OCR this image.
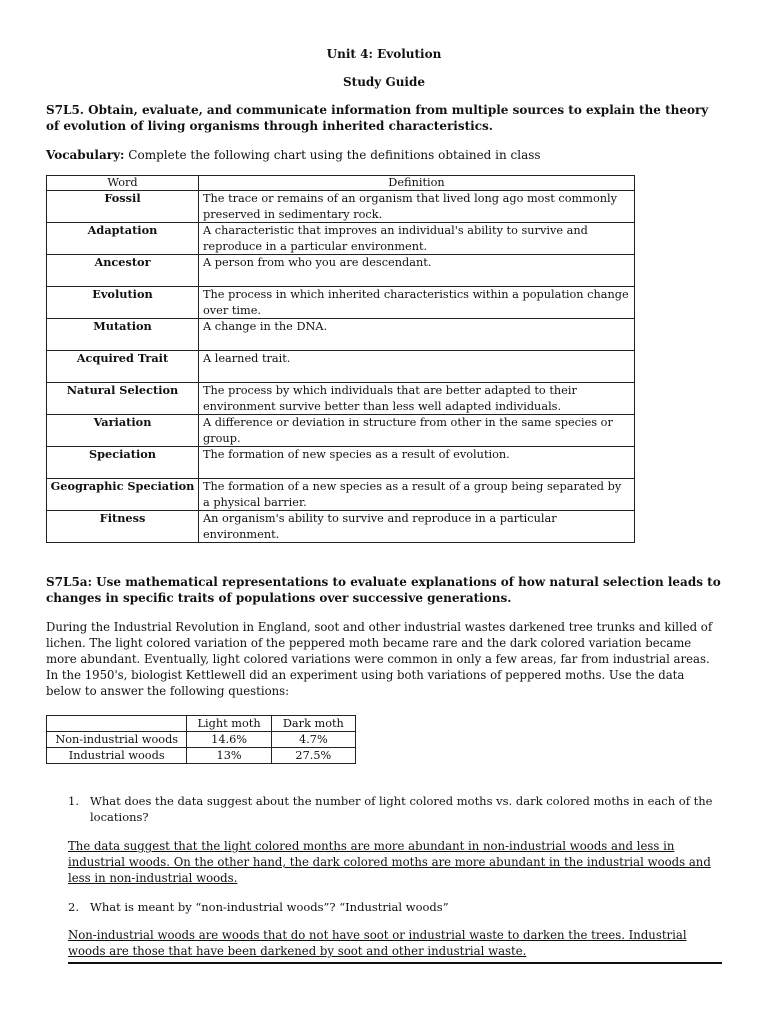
Unit 4: Evolution
Study Guide
S7L5. Obtain, evaluate, and communicate information from multiple sources to explain the theory of evolution of living organisms through inherited characteristics.
Vocabulary: Complete the following chart using the definitions obtained in class
Word	Definition
Fossil	The trace or remains of an organism that lived long ago most commonly preserved in sedimentary rock.
Adaptation	A characteristic that improves an individual's ability to survive and reproduce in a particular environment.
Ancestor	A person from who you are descendant.
Evolution	The process in which inherited characteristics within a population change over time.
Mutation	A change in the DNA.
Acquired Trait	A learned trait.
Natural Selection	The process by which individuals that are better adapted to their environment survive better than less well adapted individuals.
Variation	A difference or deviation in structure from other in the same species or group.
Speciation	The formation of new species as a result of evolution.
Geographic Speciation	The formation of a new species as a result of a group being separated by a physical barrier.
Fitness	An organism's ability to survive and reproduce in a particular environment.
S7L5a: Use mathematical representations to evaluate explanations of how natural selection leads to changes in specific traits of populations over successive generations.
During the Industrial Revolution in England, soot and other industrial wastes darkened tree trunks and killed of lichen. The light colored variation of the peppered moth became rare and the dark colored variation became more abundant. Eventually, light colored variations were common in only a few areas, far from industrial areas. In the 1950's, biologist Kettlewell did an experiment using both variations of peppered moths. Use the data below to answer the following questions:
	Light moth	Dark moth
Non-industrial woods	14.6%	4.7%
Industrial woods	13%	27.5%
1. What does the data suggest about the number of light colored moths vs. dark colored moths in each of the locations?
The data suggest that the light colored months are more abundant in non-industrial woods and less in industrial woods. On the other hand, the dark colored moths are more abundant in the industrial woods and less in non-industrial woods.
2. What is meant by “non-industrial woods”? “Industrial woods”
Non-industrial woods are woods that do not have soot or industrial waste to darken the trees. Industrial woods are those that have been darkened by soot and other industrial waste.
